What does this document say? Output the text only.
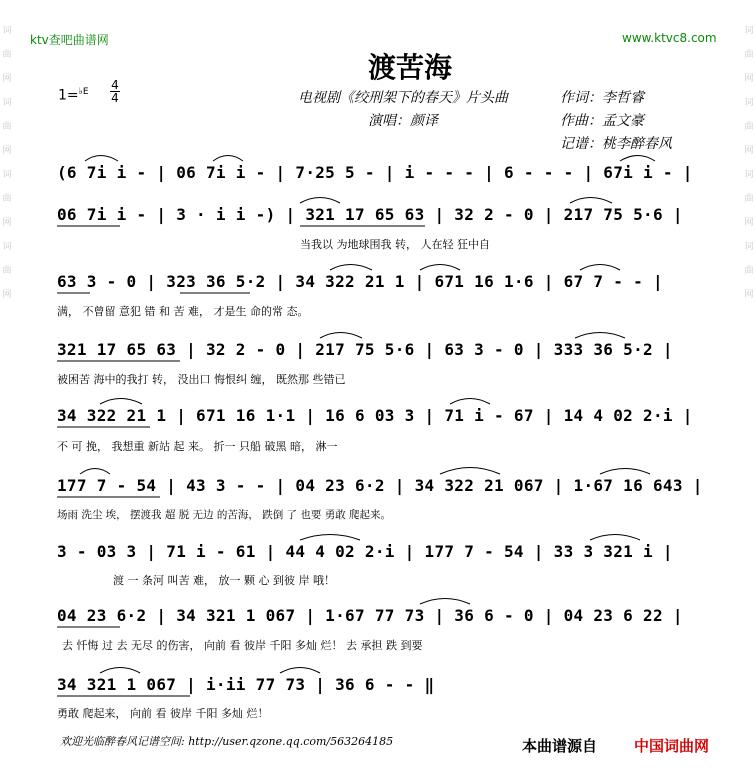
词
曲
网
词
曲
网
词
曲
网
词
曲
网
词
曲
网
词
曲
网
词
曲
网
词
曲
网
ktv查吧曲谱网	www.ktvc8.com
渡苦海
1=$^{♭E}$ 4
4	电视剧《绞刑架下的春天》片头曲	作词：李哲睿
演唱：颜译	作曲：孟文豪
记谱：桃李醉春风
(6 7i i - | 06 7i i - | 7·25 5 - | i - - - | 6 - - - | 67i i - |
06 7i i - | 3 · i i -) | 321 17 65 63 | 32 2 - 0 | 217 75 5·6 |
当我以 为地球围我 转， 人在轻 狂中自
63 3 - 0 | 323 36 5·2 | 34 322 21 1 | 671 16 1·6 | 67 7 - - |
满， 不曾留 意犯 错 和 苦 难， 才是生 命的常 态。
321 17 65 63 | 32 2 - 0 | 217 75 5·6 | 63 3 - 0 | 333 36 5·2 |
被困苦 海中的我打 转， 没出口 悔恨纠 缠， 既然那 些错已
34 322 21 1 | 671 16 1·1 | 16 6 03 3 | 71 i - 67 | 14 4 02 2·i |
不 可 挽， 我想重 新站 起 来。 折一 只船 破黑 暗， 淋一
177 7 - 54 | 43 3 - - | 04 23 6·2 | 34 322 21 067 | 1·67 16 643 |
场雨 洗尘 埃， 摆渡我 超 脱 无边 的苦海， 跌倒 了 也要 勇敢 爬起来。
3 - 03 3 | 71 i - 61 | 44 4 02 2·i | 177 7 - 54 | 33 3 321 i |
渡 一 条河 叫苦 难， 放一 颗 心 到彼 岸 哦！
04 23 6·2 | 34 321 1 067 | 1·67 77 73 | 36 6 - 0 | 04 23 6 22 |
去 忏悔 过 去 无尽 的伤害， 向前 看 彼岸 千阳 多灿 烂！ 去 承担 跌 到要
34 321 1 067 | i·ii 77 73 | 36 6 - - ‖
勇敢 爬起来， 向前 看 彼岸 千阳 多灿 烂！
欢迎光临醉春风记谱空间: http://user.qzone.qq.com/563264185	本曲谱源自 中国词曲网
